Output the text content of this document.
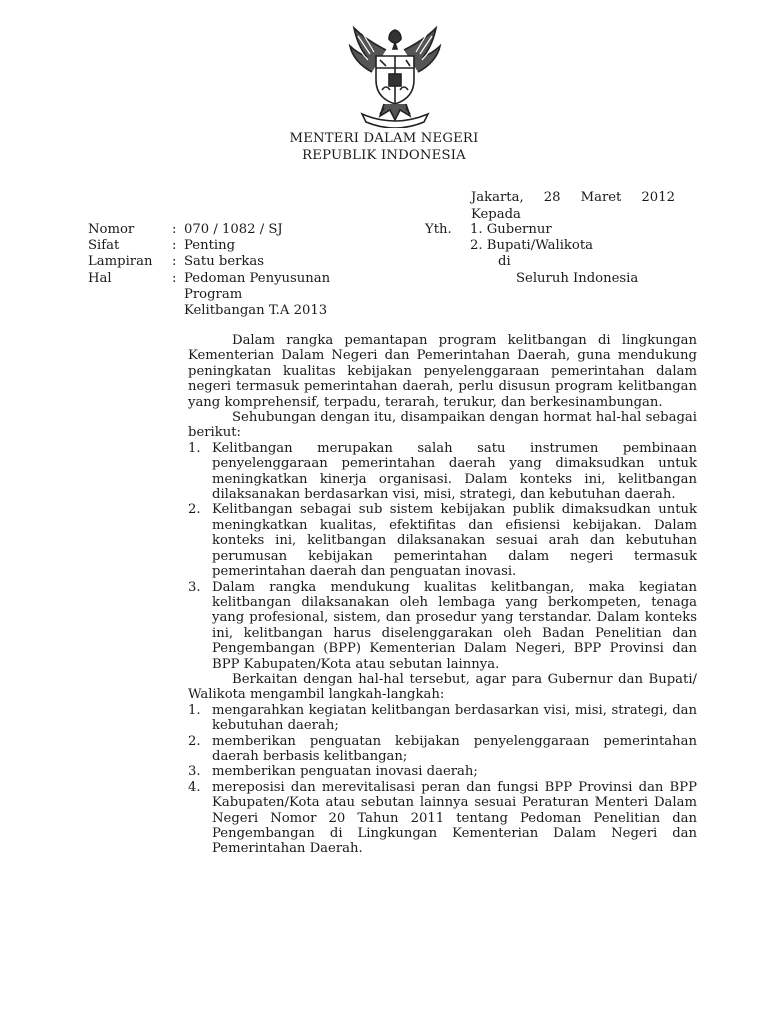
MENTERI DALAM NEGERI
REPUBLIK INDONESIA
Jakarta, 28 Maret 2012
Kepada
Nomor	: 070 / 1082 / SJ
Sifat	: Penting
Lampiran	: Satu berkas
Hal	: Pedoman Penyusunan
Program
Kelitbangan T.A 2013
Yth. 1. Gubernur
2. Bupati/Walikota
di
Seluruh Indonesia

Dalam rangka pemantapan program kelitbangan di lingkungan Kementerian Dalam Negeri dan Pemerintahan Daerah, guna mendukung peningkatan kualitas kebijakan penyelenggaraan pemerintahan dalam negeri termasuk pemerintahan daerah, perlu disusun program kelitbangan yang komprehensif, terpadu, terarah, terukur, dan berkesinambungan.

Sehubungan dengan itu, disampaikan dengan hormat hal-hal sebagai berikut:

1. Kelitbangan merupakan salah satu instrumen pembinaan penyelenggaraan pemerintahan daerah yang dimaksudkan untuk meningkatkan kinerja organisasi. Dalam konteks ini, kelitbangan dilaksanakan berdasarkan visi, misi, strategi, dan kebutuhan daerah.
2. Kelitbangan sebagai sub sistem kebijakan publik dimaksudkan untuk meningkatkan kualitas, efektifitas dan efisiensi kebijakan. Dalam konteks ini, kelitbangan dilaksanakan sesuai arah dan kebutuhan perumusan kebijakan pemerintahan dalam negeri termasuk pemerintahan daerah dan penguatan inovasi.
3. Dalam rangka mendukung kualitas kelitbangan, maka kegiatan kelitbangan dilaksanakan oleh lembaga yang berkompeten, tenaga yang profesional, sistem, dan prosedur yang terstandar. Dalam konteks ini, kelitbangan harus diselenggarakan oleh Badan Penelitian dan Pengembangan (BPP) Kementerian Dalam Negeri, BPP Provinsi dan BPP Kabupaten/Kota atau sebutan lainnya.

Berkaitan dengan hal-hal tersebut, agar para Gubernur dan Bupati/ Walikota mengambil langkah-langkah:

1. mengarahkan kegiatan kelitbangan berdasarkan visi, misi, strategi, dan kebutuhan daerah;
2. memberikan penguatan kebijakan penyelenggaraan pemerintahan daerah berbasis kelitbangan;
3. memberikan penguatan inovasi daerah;
4. mereposisi dan merevitalisasi peran dan fungsi BPP Provinsi dan BPP Kabupaten/Kota atau sebutan lainnya sesuai Peraturan Menteri Dalam Negeri Nomor 20 Tahun 2011 tentang Pedoman Penelitian dan Pengembangan di Lingkungan Kementerian Dalam Negeri dan Pemerintahan Daerah.
